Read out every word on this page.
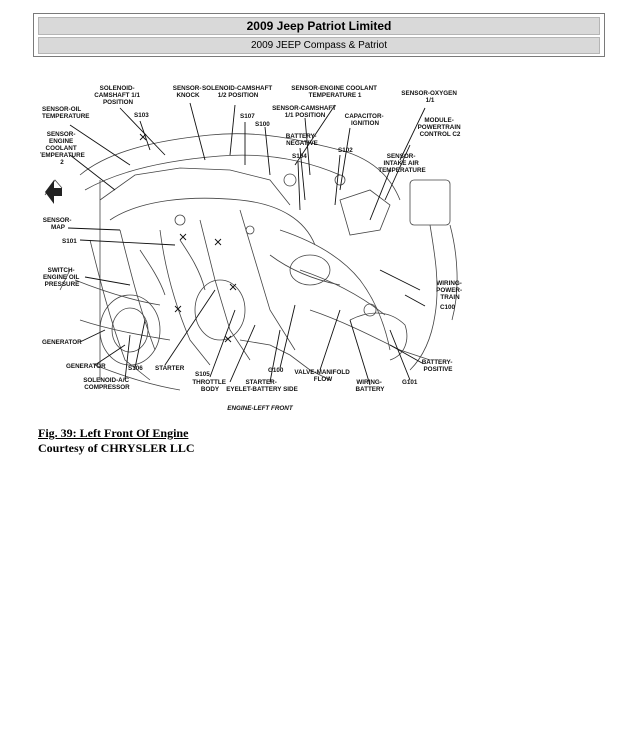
2009 Jeep Patriot Limited
2009 JEEP Compass & Patriot
SOLENOID- CAMSHAFT 1/1 POSITION
SENSOR- KNOCK
SOLENOID-CAMSHAFT 1/2 POSITION
SENSOR-ENGINE COOLANT TEMPERATURE 1	SENSOR-OXYGEN 1/1
SENSOR-OIL TEMPERATURE	S103	S107
S100
SENSOR-CAMSHAFT 1/1 POSITION	CAPACITOR- IGNITION	MODULE- POWERTRAIN CONTROL C2
SENSOR- ENGINE COOLANT TEMPERATURE 2
BATTERY- NEGATIVE
S104
S102
SENSOR- INTAKE AIR TEMPERATURE
SENSOR- MAP
S101
SWITCH- ENGINE OIL PRESSURE	WIRING- POWER- TRAIN
C100
GENERATOR
BATTERY- POSITIVE
GENERATOR	S106 STARTER	G100 VALVE-MANIFOLD FLOW	G101
SOLENOID-A/C COMPRESSOR
S105
THROTTLE BODY
STARTER- EYELET-BATTERY SIDE
WIRING- BATTERY
ENGINE-LEFT FRONT
Fig. 39: Left Front Of Engine
Courtesy of CHRYSLER LLC
